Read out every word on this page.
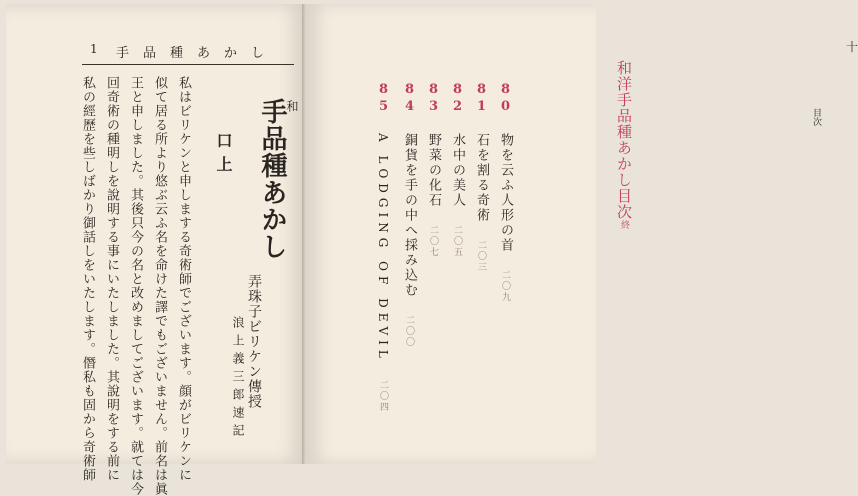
1 手品種あかし
私はビリケンと申しまする奇術師でございます。顔がビリケンに
似て居る所より悠ぶ云ふ名を命けた譯でもございません。前名は眞
王と申しました。其後只今の名と改めましてございます。就ては今
回奇術の種明しを說明する事にいたしました。其說明をする前に
私の經歷を些しばかり御話しをいたします。僭私も固から奇術師	口上
和
手品種あかし
弄珠子ビリケン傳授
浪上義三郎速記
和洋手品種あかし目次終
十
目次
80 物を云ふ人形の首 二〇九
81 石を割る奇術 二〇三
82 水中の美人 二〇五
83 野菜の化石 二〇七
84 銅貨を手の中へ採み込む 二〇〇
85 A LODGING OF DEVIL 二〇四
